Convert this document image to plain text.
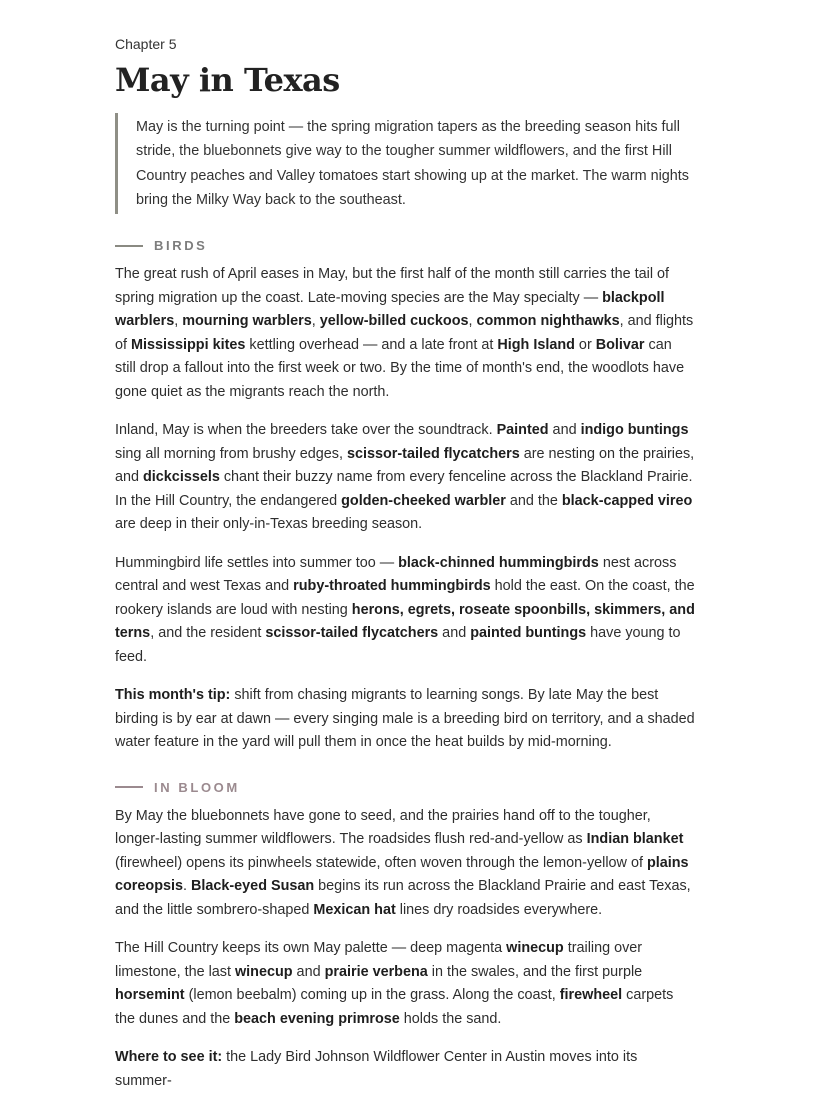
Chapter 5
May in Texas
May is the turning point — the spring migration tapers as the breeding season hits full stride, the bluebonnets give way to the tougher summer wildflowers, and the first Hill Country peaches and Valley tomatoes start showing up at the market. The warm nights bring the Milky Way back to the southeast.
BIRDS

The great rush of April eases in May, but the first half of the month still carries the tail of spring migration up the coast. Late-moving species are the May specialty — blackpoll warblers, mourning warblers, yellow-billed cuckoos, common nighthawks, and flights of Mississippi kites kettling overhead — and a late front at High Island or Bolivar can still drop a fallout into the first week or two. By the time of month's end, the woodlots have gone quiet as the migrants reach the north.

Inland, May is when the breeders take over the soundtrack. Painted and indigo buntings sing all morning from brushy edges, scissor-tailed flycatchers are nesting on the prairies, and dickcissels chant their buzzy name from every fenceline across the Blackland Prairie. In the Hill Country, the endangered golden-cheeked warbler and the black-capped vireo are deep in their only-in-Texas breeding season.

Hummingbird life settles into summer too — black-chinned hummingbirds nest across central and west Texas and ruby-throated hummingbirds hold the east. On the coast, the rookery islands are loud with nesting herons, egrets, roseate spoonbills, skimmers, and terns, and the resident scissor-tailed flycatchers and painted buntings have young to feed.

This month's tip: shift from chasing migrants to learning songs. By late May the best birding is by ear at dawn — every singing male is a breeding bird on territory, and a shaded water feature in the yard will pull them in once the heat builds by mid-morning.

IN BLOOM

By May the bluebonnets have gone to seed, and the prairies hand off to the tougher, longer-lasting summer wildflowers. The roadsides flush red-and-yellow as Indian blanket (firewheel) opens its pinwheels statewide, often woven through the lemon-yellow of plains coreopsis. Black-eyed Susan begins its run across the Blackland Prairie and east Texas, and the little sombrero-shaped Mexican hat lines dry roadsides everywhere.

The Hill Country keeps its own May palette — deep magenta winecup trailing over limestone, the last winecup and prairie verbena in the swales, and the first purple horsemint (lemon beebalm) coming up in the grass. Along the coast, firewheel carpets the dunes and the beach evening primrose holds the sand.

Where to see it: the Lady Bird Johnson Wildflower Center in Austin moves into its summer-
